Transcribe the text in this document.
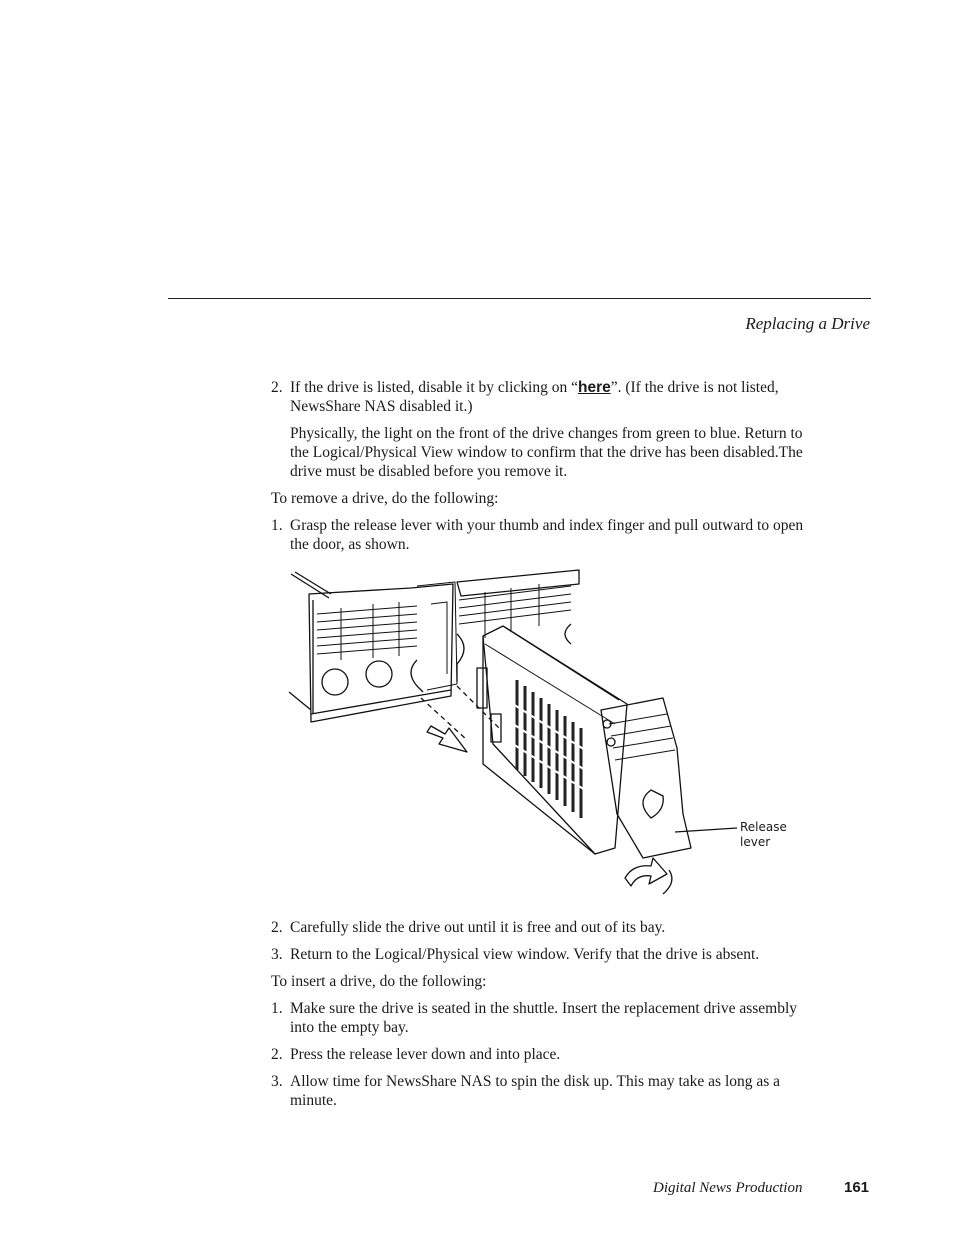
Replacing a Drive
2. If the drive is listed, disable it by clicking on “here”. (If the drive is not listed, NewsShare NAS disabled it.)

Physically, the light on the front of the drive changes from green to blue. Return to the Logical/Physical View window to confirm that the drive has been disabled.The drive must be disabled before you remove it.

To remove a drive, do the following:

1. Grasp the release lever with your thumb and index finger and pull outward to open the door, as shown.
Release
lever
2. Carefully slide the drive out until it is free and out of its bay.
3. Return to the Logical/Physical view window. Verify that the drive is absent.

To insert a drive, do the following:

1. Make sure the drive is seated in the shuttle. Insert the replacement drive assembly into the empty bay.
2. Press the release lever down and into place.
3. Allow time for NewsShare NAS to spin the disk up. This may take as long as a minute.
Digital News Production	161
